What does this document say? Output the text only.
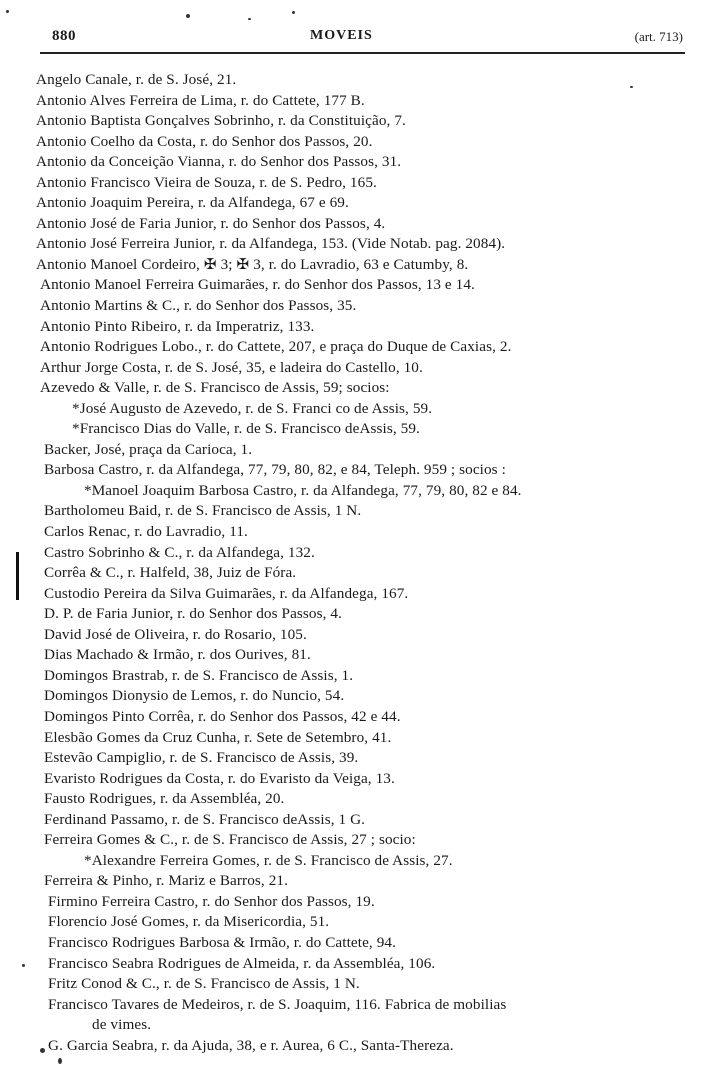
880	MOVEIS	(art. 713)
Angelo Canale, r. de S. José, 21.
Antonio Alves Ferreira de Lima, r. do Cattete, 177 B.
Antonio Baptista Gonçalves Sobrinho, r. da Constituição, 7.
Antonio Coelho da Costa, r. do Senhor dos Passos, 20.
Antonio da Conceição Vianna, r. do Senhor dos Passos, 31.
Antonio Francisco Vieira de Souza, r. de S. Pedro, 165.
Antonio Joaquim Pereira, r. da Alfandega, 67 e 69.
Antonio José de Faria Junior, r. do Senhor dos Passos, 4.
Antonio José Ferreira Junior, r. da Alfandega, 153. (Vide Notab. pag. 2084).
Antonio Manoel Cordeiro, ✠ 3; ✠ 3, r. do Lavradio, 63 e Catumby, 8.
Antonio Manoel Ferreira Guimarães, r. do Senhor dos Passos, 13 e 14.
Antonio Martins & C., r. do Senhor dos Passos, 35.
Antonio Pinto Ribeiro, r. da Imperatriz, 133.
Antonio Rodrigues Lobo., r. do Cattete, 207, e praça do Duque de Caxias, 2.
Arthur Jorge Costa, r. de S. José, 35, e ladeira do Castello, 10.
Azevedo & Valle, r. de S. Francisco de Assis, 59; socios:
*José Augusto de Azevedo, r. de S. Franci co de Assis, 59.
*Francisco Dias do Valle, r. de S. Francisco deAssis, 59.
Backer, José, praça da Carioca, 1.
Barbosa Castro, r. da Alfandega, 77, 79, 80, 82, e 84, Teleph. 959 ; socios :
*Manoel Joaquim Barbosa Castro, r. da Alfandega, 77, 79, 80, 82 e 84.
Bartholomeu Baid, r. de S. Francisco de Assis, 1 N.
Carlos Renac, r. do Lavradio, 11.
Castro Sobrinho & C., r. da Alfandega, 132.
Corrêa & C., r. Halfeld, 38, Juiz de Fóra.
Custodio Pereira da Silva Guimarães, r. da Alfandega, 167.
D. P. de Faria Junior, r. do Senhor dos Passos, 4.
David José de Oliveira, r. do Rosario, 105.
Dias Machado & Irmão, r. dos Ourives, 81.
Domingos Brastrab, r. de S. Francisco de Assis, 1.
Domingos Dionysio de Lemos, r. do Nuncio, 54.
Domingos Pinto Corrêa, r. do Senhor dos Passos, 42 e 44.
Elesbão Gomes da Cruz Cunha, r. Sete de Setembro, 41.
Estevão Campiglio, r. de S. Francisco de Assis, 39.
Evaristo Rodrigues da Costa, r. do Evaristo da Veiga, 13.
Fausto Rodrigues, r. da Assembléa, 20.
Ferdinand Passamo, r. de S. Francisco deAssis, 1 G.
Ferreira Gomes & C., r. de S. Francisco de Assis, 27 ; socio:
*Alexandre Ferreira Gomes, r. de S. Francisco de Assis, 27.
Ferreira & Pinho, r. Mariz e Barros, 21.
Firmino Ferreira Castro, r. do Senhor dos Passos, 19.
Florencio José Gomes, r. da Misericordia, 51.
Francisco Rodrigues Barbosa & Irmão, r. do Cattete, 94.
Francisco Seabra Rodrigues de Almeida, r. da Assembléa, 106.
Fritz Conod & C., r. de S. Francisco de Assis, 1 N.
Francisco Tavares de Medeiros, r. de S. Joaquim, 116. Fabrica de mobilias
de vimes.
G. Garcia Seabra, r. da Ajuda, 38, e r. Aurea, 6 C., Santa-Thereza.
